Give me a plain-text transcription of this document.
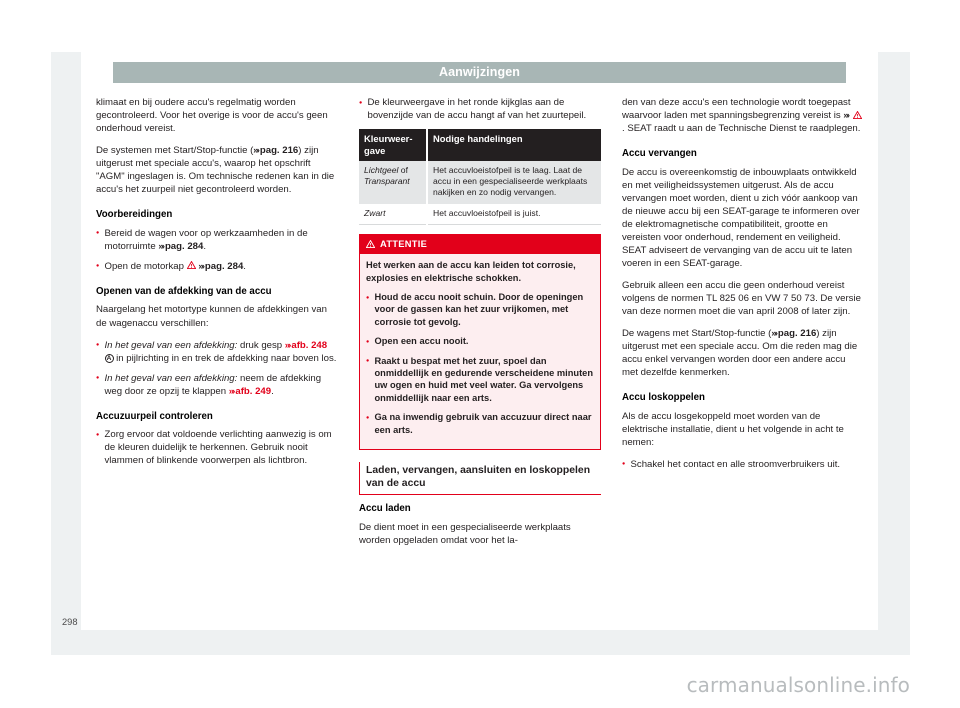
Aanwijzingen

klimaat en bij oudere accu's regelmatig worden gecontroleerd. Voor het overige is voor de accu's geen onderhoud vereist.

De systemen met Start/Stop-functie (»› pag. 216) zijn uitgerust met speciale accu's, waarop het opschrift "AGM" ingeslagen is. Om technische redenen kan in die accu's het zuurpeil niet gecontroleerd worden.

Voorbereidingen
● Bereid de wagen voor op werkzaamheden in de motorruimte »› pag. 284.
● Open de motorkap »› pag. 284.
Openen van de afdekking van de accu

Naargelang het motortype kunnen de afdekkingen van de wagenaccu verschillen:

● In het geval van een afdekking: druk gesp »› afb. 248 A in pijlrichting in en trek de afdekking naar boven los.
● In het geval van een afdekking: neem de afdekking weg door ze opzij te klappen »› afb. 249.
Accuzuurpeil controleren
● Zorg ervoor dat voldoende verlichting aanwezig is om de kleuren duidelijk te herkennen. Gebruik nooit vlammen of blinkende voorwerpen als lichtbron.
● De kleurweergave in het ronde kijkglas aan de bovenzijde van de accu hangt af van het zuurtepeil.
Kleurweer-gave	Nodige handelingen
Lichtgeel of Transparant	Het accuvloeistofpeil is te laag. Laat de accu in een gespecialiseerde werkplaats nakijken en zo nodig vervangen.
Zwart	Het accuvloeistofpeil is juist.
ATTENTIE

Het werken aan de accu kan leiden tot corrosie, explosies en elektrische schokken.

● Houd de accu nooit schuin. Door de openingen voor de gassen kan het zuur vrijkomen, met corrosie tot gevolg.
● Open een accu nooit.
● Raakt u bespat met het zuur, spoel dan onmiddellijk en gedurende verscheidene minuten uw ogen en huid met veel water. Ga vervolgens onmiddellijk naar een arts.
● Ga na inwendig gebruik van accuzuur direct naar een arts.
Laden, vervangen, aansluiten en loskoppelen van de accu
Accu laden

De dient moet in een gespecialiseerde werkplaats worden opgeladen omdat voor het la-

den van deze accu's een technologie wordt toegepast waarvoor laden met spanningsbegrenzing vereist is »›
. SEAT raadt u aan de Technische Dienst te raadplegen.

Accu vervangen

De accu is overeenkomstig de inbouwplaats ontwikkeld en met veiligheidssystemen uitgerust. Als de accu vervangen moet worden, dient u zich vóór aankoop van de nieuwe accu bij een SEAT-garage te informeren over de elektromagnetische compatibiliteit, grootte en vereisten voor onderhoud, rendement en veiligheid. SEAT adviseert de vervanging van de accu uit te laten voeren in een SEAT-garage.

Gebruik alleen een accu die geen onderhoud vereist volgens de normen TL 825 06 en VW 7 50 73. De versie van deze normen moet die van april 2008 of later zijn.

De wagens met Start/Stop-functie (»› pag. 216) zijn uitgerust met een speciale accu. Om die reden mag die accu enkel vervangen worden door een andere accu met dezelfde kenmerken.

Accu loskoppelen

Als de accu losgekoppeld moet worden van de elektrische installatie, dient u het volgende in acht te nemen:

● Schakel het contact en alle stroomverbruikers uit.
298
carmanualsonline.info
